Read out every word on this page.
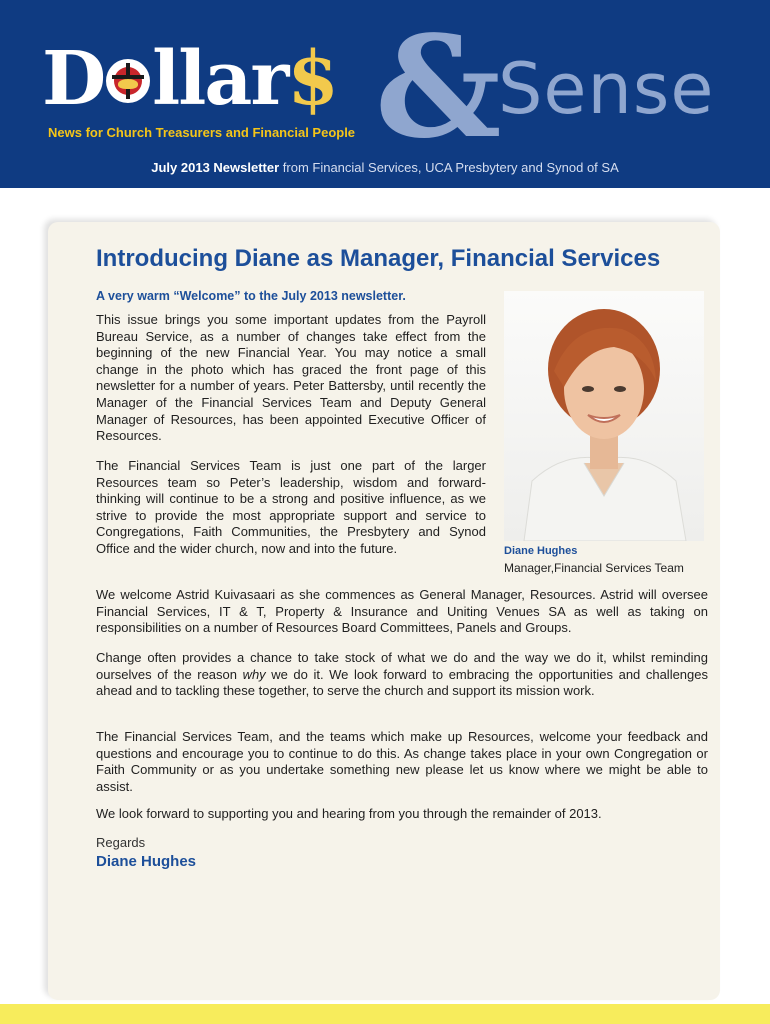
D llar$ &
Sense
News for Church Treasurers and Financial People
July 2013 Newsletter from Financial Services, UCA Presbytery and Synod of SA
Introducing Diane as Manager, Financial Services
A very warm “Welcome” to the July 2013 newsletter.
This issue brings you some important updates from the Payroll Bureau Service, as a number of changes take effect from the beginning of the new Financial Year. You may notice a small change in the photo which has graced the front page of this newsletter for a number of years. Peter Battersby, until recently the Manager of the Financial Services Team and Deputy General Manager of Resources, has been appointed Executive Officer of Resources.
The Financial Services Team is just one part of the larger Resources team so Peter’s leadership, wisdom and forward-thinking will continue to be a strong and positive influence, as we strive to provide the most appropriate support and service to Congregations, Faith Communities, the Presbytery and Synod Office and the wider church, now and into the future.	Diane Hughes
Manager,Financial Services Team
We welcome Astrid Kuivasaari as she commences as General Manager, Resources. Astrid will oversee Financial Services, IT & T, Property & Insurance and Uniting Venues SA as well as taking on responsibilities on a number of Resources Board Committees, Panels and Groups.
Change often provides a chance to take stock of what we do and the way we do it, whilst reminding ourselves of the reason why we do it. We look forward to embracing the opportunities and challenges ahead and to tackling these together, to serve the church and support its mission work.
The Financial Services Team, and the teams which make up Resources, welcome your feedback and questions and encourage you to continue to do this. As change takes place in your own Congregation or Faith Community or as you undertake something new please let us know where we might be able to assist.
We look forward to supporting you and hearing from you through the remainder of 2013.
Regards
Diane Hughes
